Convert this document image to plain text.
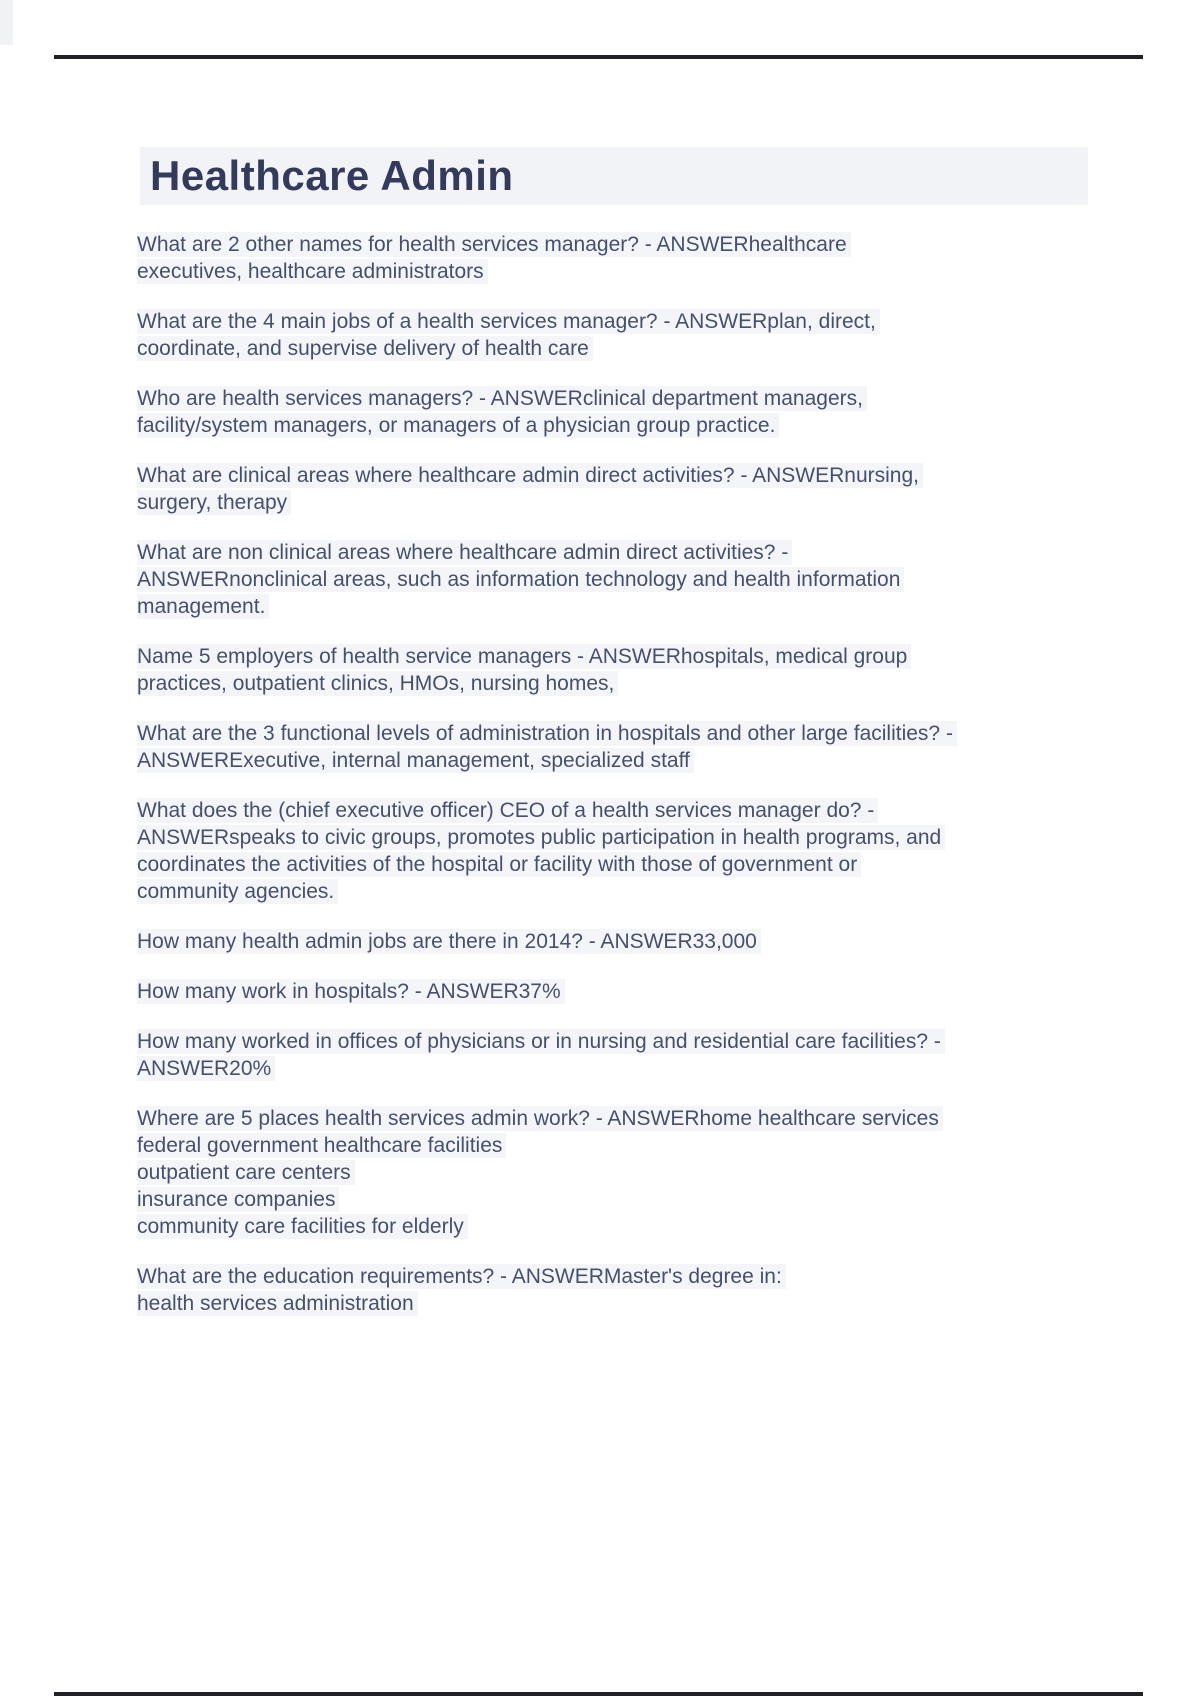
Healthcare Admin
What are 2 other names for health services manager? - ANSWERhealthcare
executives, healthcare administrators
What are the 4 main jobs of a health services manager? - ANSWERplan, direct,
coordinate, and supervise delivery of health care
Who are health services managers? - ANSWERclinical department managers,
facility/system managers, or managers of a physician group practice.
What are clinical areas where healthcare admin direct activities? - ANSWERnursing,
surgery, therapy
What are non clinical areas where healthcare admin direct activities? -
ANSWERnonclinical areas, such as information technology and health information
management.
Name 5 employers of health service managers - ANSWERhospitals, medical group
practices, outpatient clinics, HMOs, nursing homes,
What are the 3 functional levels of administration in hospitals and other large facilities? -
ANSWERExecutive, internal management, specialized staff
What does the (chief executive officer) CEO of a health services manager do? -
ANSWERspeaks to civic groups, promotes public participation in health programs, and
coordinates the activities of the hospital or facility with those of government or
community agencies.
How many health admin jobs are there in 2014? - ANSWER33,000
How many work in hospitals? - ANSWER37%
How many worked in offices of physicians or in nursing and residential care facilities? -
ANSWER20%
Where are 5 places health services admin work? - ANSWERhome healthcare services
federal government healthcare facilities
outpatient care centers
insurance companies
community care facilities for elderly
What are the education requirements? - ANSWERMaster's degree in:
health services administration
